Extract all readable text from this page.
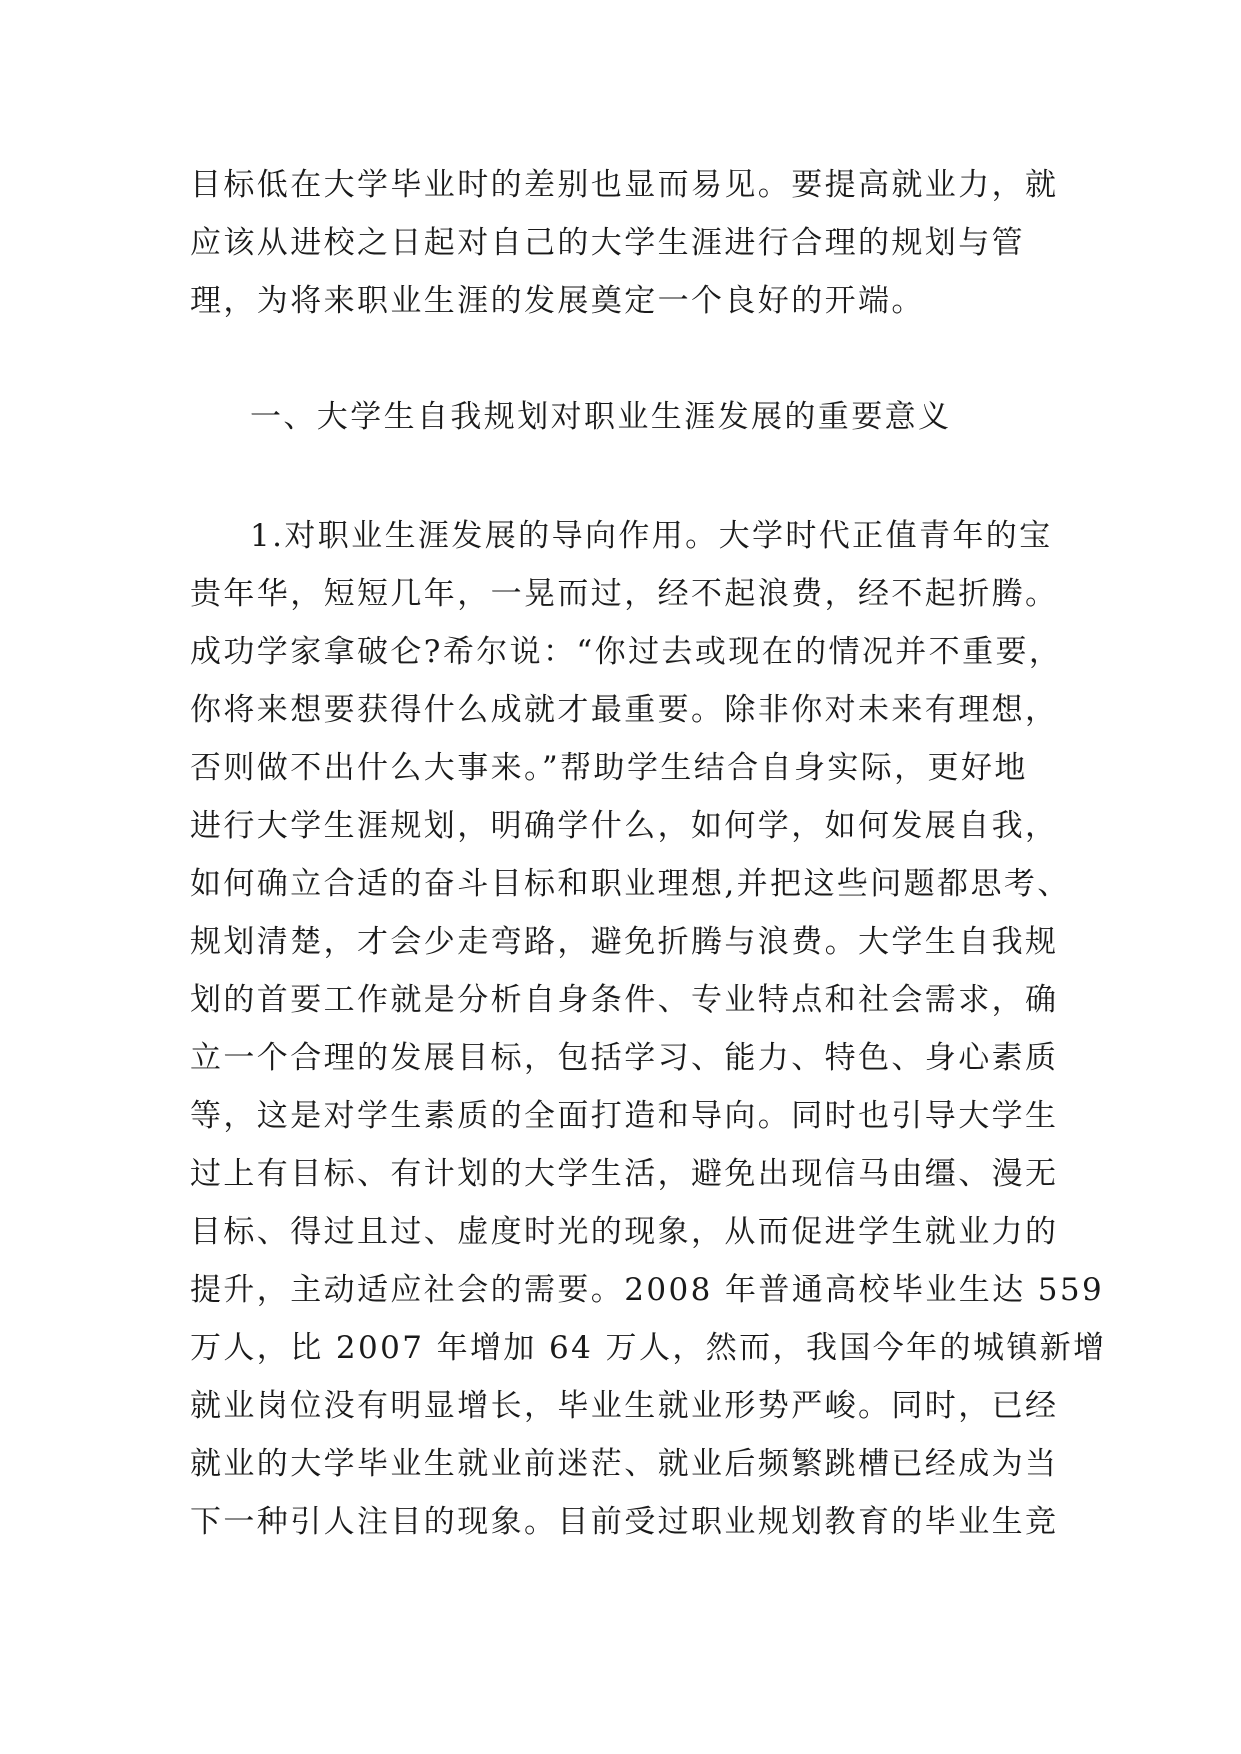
目标低在大学毕业时的差别也显而易见。要提高就业力，就
应该从进校之日起对自己的大学生涯进行合理的规划与管
理，为将来职业生涯的发展奠定一个良好的开端。
一、大学生自我规划对职业生涯发展的重要意义
1.对职业生涯发展的导向作用。大学时代正值青年的宝
贵年华，短短几年，一晃而过，经不起浪费，经不起折腾。
成功学家拿破仑?希尔说：“你过去或现在的情况并不重要，
你将来想要获得什么成就才最重要。除非你对未来有理想，
否则做不出什么大事来。”帮助学生结合自身实际，更好地
进行大学生涯规划，明确学什么，如何学，如何发展自我，
如何确立合适的奋斗目标和职业理想,并把这些问题都思考、
规划清楚，才会少走弯路，避免折腾与浪费。大学生自我规
划的首要工作就是分析自身条件、专业特点和社会需求，确
立一个合理的发展目标，包括学习、能力、特色、身心素质
等，这是对学生素质的全面打造和导向。同时也引导大学生
过上有目标、有计划的大学生活，避免出现信马由缰、漫无
目标、得过且过、虚度时光的现象，从而促进学生就业力的
提升，主动适应社会的需要。2008 年普通高校毕业生达 559
万人，比 2007 年增加 64 万人，然而，我国今年的城镇新增
就业岗位没有明显增长，毕业生就业形势严峻。同时，已经
就业的大学毕业生就业前迷茫、就业后频繁跳槽已经成为当
下一种引人注目的现象。目前受过职业规划教育的毕业生竞
